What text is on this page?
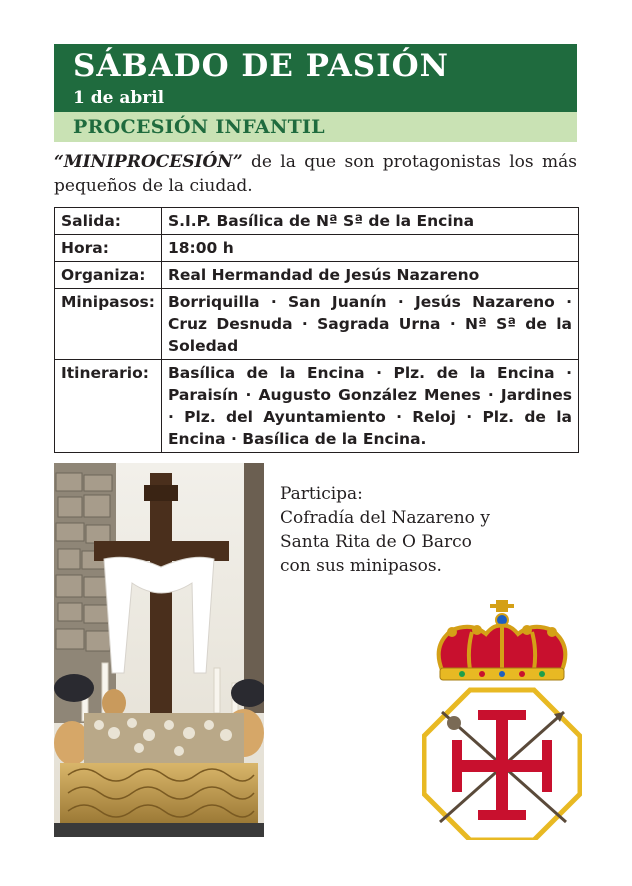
SÁBADO DE PASIÓN
1 de abril
PROCESIÓN INFANTIL
“MINIPROCESIÓN” de la que son protagonistas los más pequeños de la ciudad.
Salida:	S.I.P. Basílica de Nª Sª de la Encina
Hora:	18:00 h
Organiza:	Real Hermandad de Jesús Nazareno
Minipasos:	Borriquilla · San Juanín · Jesús Nazareno · Cruz Desnuda · Sagrada Urna · Nª Sª de la Soledad
Itinerario:	Basílica de la Encina · Plz. de la Encina · Paraisín · Augusto González Menes · Jardines · Plz. del Ayuntamiento · Reloj · Plz. de la Encina · Basílica de la Encina.
Participa:
Cofradía del Nazareno y
Santa Rita de O Barco
con sus minipasos.
